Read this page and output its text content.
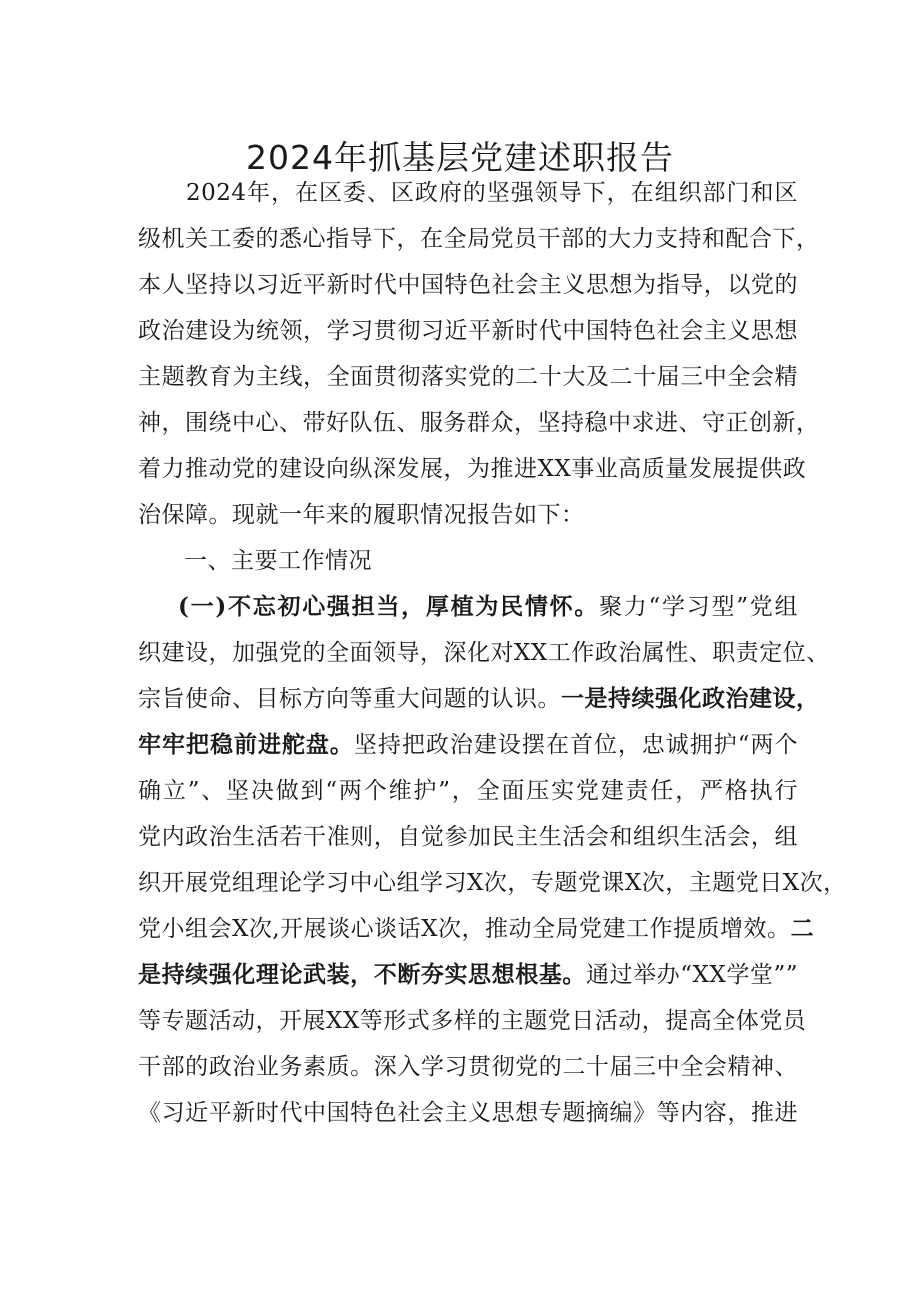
2024年抓基层党建述职报告
2024年，在区委、区政府的坚强领导下，在组织部门和区
级机关工委的悉心指导下，在全局党员干部的大力支持和配合下，
本人坚持以习近平新时代中国特色社会主义思想为指导，以党的
政治建设为统领，学习贯彻习近平新时代中国特色社会主义思想
主题教育为主线，全面贯彻落实党的二十大及二十届三中全会精
神，围绕中心、带好队伍、服务群众，坚持稳中求进、守正创新，
着力推动党的建设向纵深发展，为推进XX事业高质量发展提供政
治保障。现就一年来的履职情况报告如下：
一、主要工作情况
(一)不忘初心强担当，厚植为民情怀。聚力“学习型”党组
织建设，加强党的全面领导，深化对XX工作政治属性、职责定位、
宗旨使命、目标方向等重大问题的认识。一是持续强化政治建设，
牢牢把稳前进舵盘。坚持把政治建设摆在首位，忠诚拥护“两个
确立”、坚决做到“两个维护”，全面压实党建责任，严格执行
党内政治生活若干准则，自觉参加民主生活会和组织生活会，组
织开展党组理论学习中心组学习X次，专题党课X次，主题党日X次，
党小组会X次,开展谈心谈话X次，推动全局党建工作提质增效。二
是持续强化理论武装，不断夯实思想根基。通过举办“XX学堂””
等专题活动，开展XX等形式多样的主题党日活动，提高全体党员
干部的政治业务素质。深入学习贯彻党的二十届三中全会精神、
《习近平新时代中国特色社会主义思想专题摘编》等内容，推进
